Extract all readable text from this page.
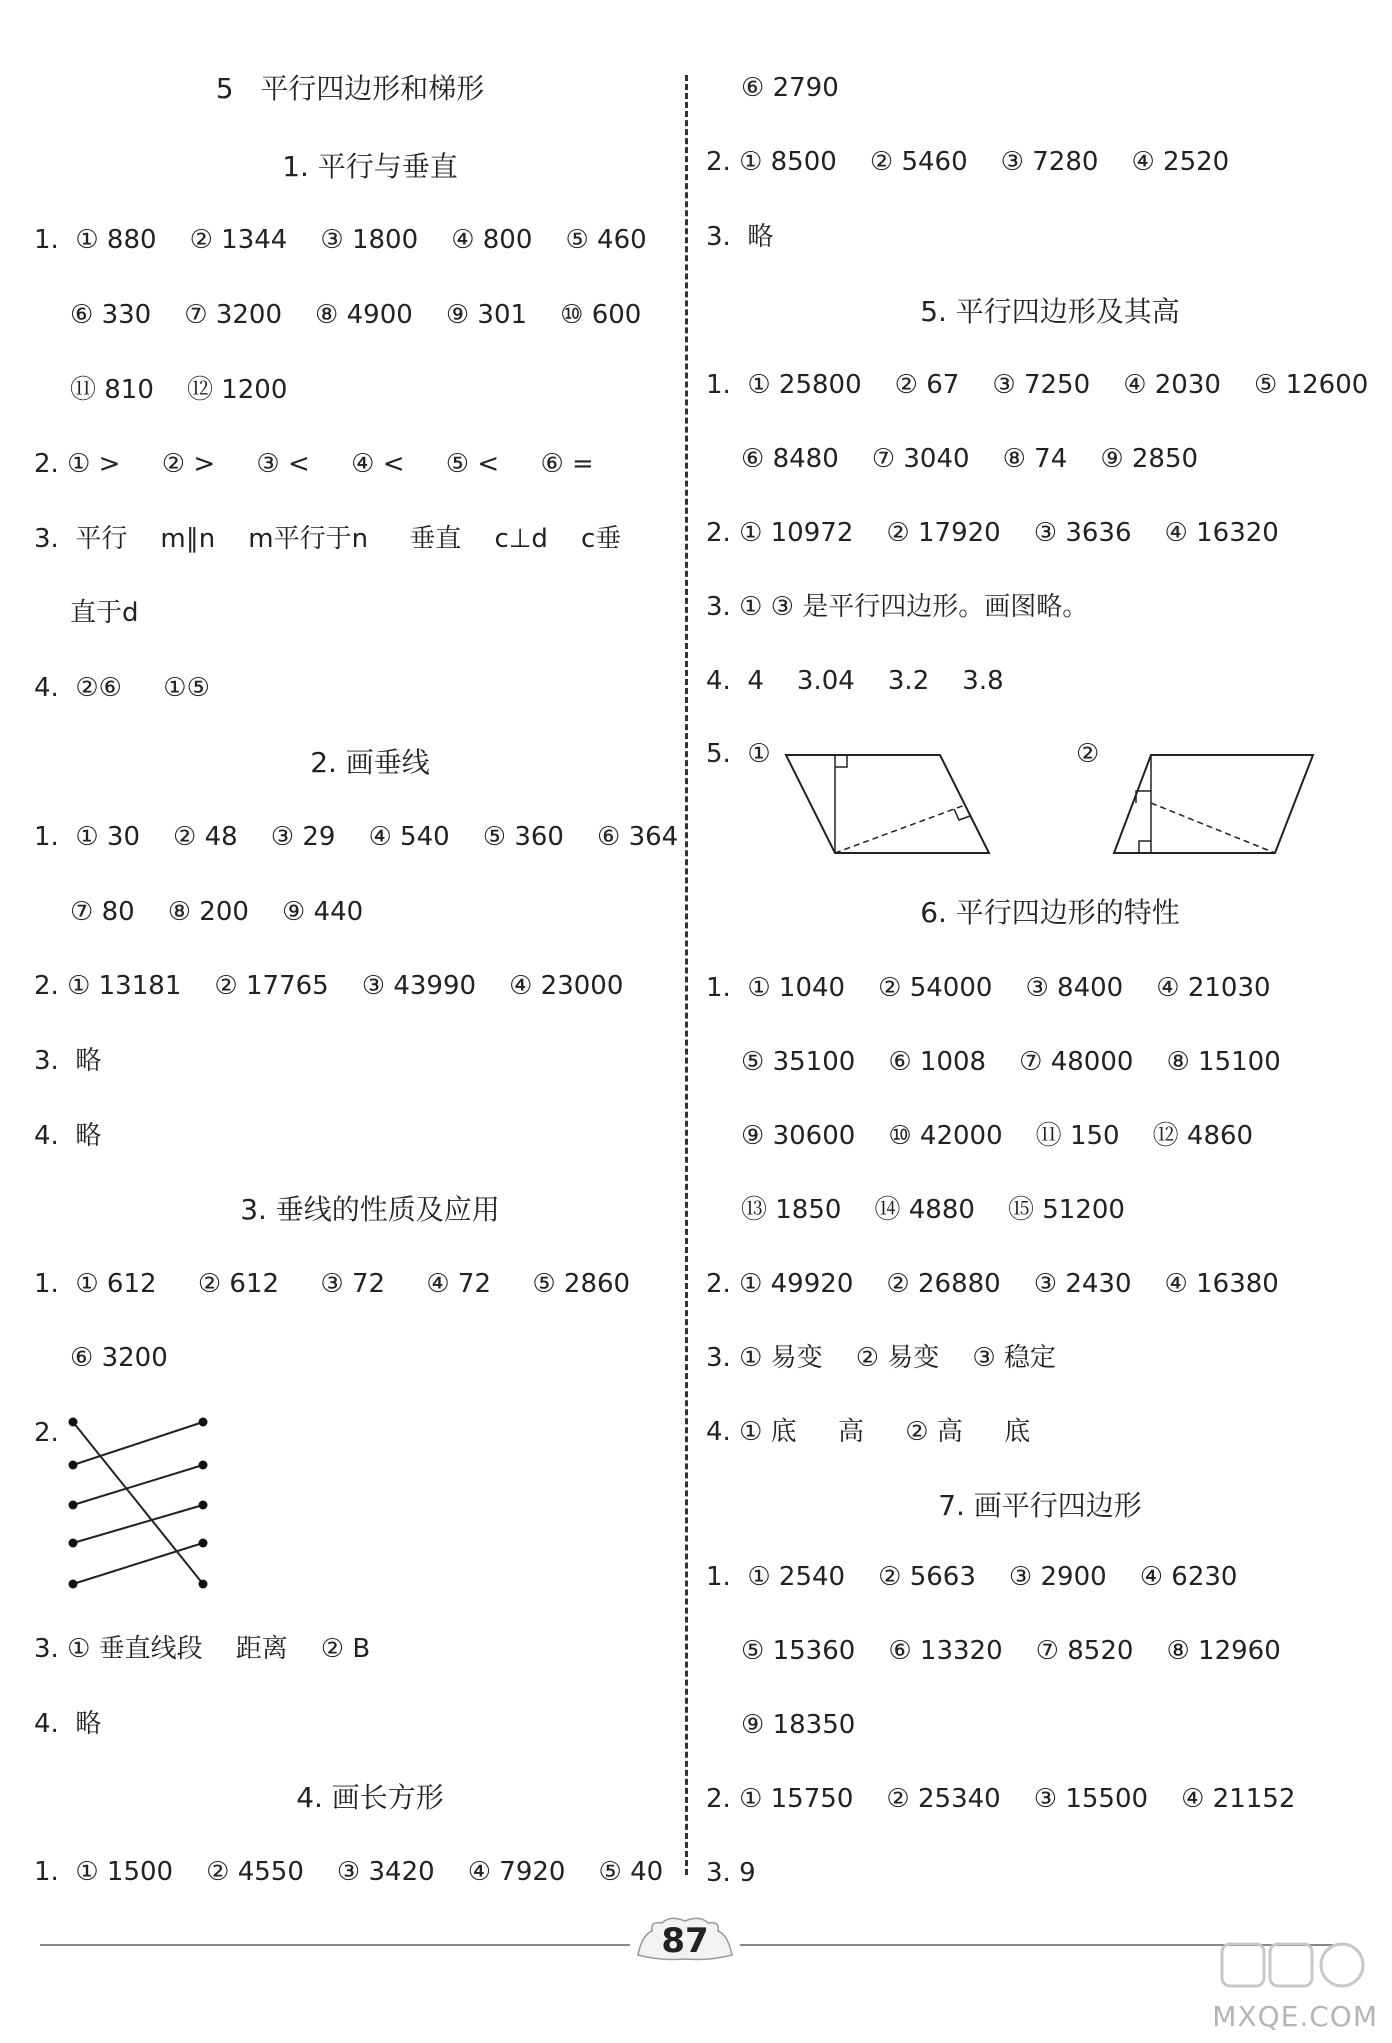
5   平行四边形和梯形
1. 平行与垂直
1.  ① 880    ② 1344    ③ 1800    ④ 800    ⑤ 460
⑥ 330    ⑦ 3200    ⑧ 4900    ⑨ 301    ⑩ 600
⑪ 810    ⑫ 1200
2. ① >     ② >     ③ <     ④ <     ⑤ <     ⑥ =
3.  平行    m∥n    m平行于n     垂直    c⊥d    c垂
直于d
4.  ②⑥     ①⑤
2. 画垂线
1.  ① 30    ② 48    ③ 29    ④ 540    ⑤ 360    ⑥ 364
⑦ 80    ⑧ 200    ⑨ 440
2. ① 13181    ② 17765    ③ 43990    ④ 23000
3.  略
4.  略
3. 垂线的性质及应用
1.  ① 612     ② 612     ③ 72     ④ 72     ⑤ 2860
⑥ 3200
2.
3. ① 垂直线段    距离    ② B
4.  略
4. 画长方形
1.  ① 1500    ② 4550    ③ 3420    ④ 7920    ⑤ 40
⑥ 2790
2. ① 8500    ② 5460    ③ 7280    ④ 2520
3.  略
5. 平行四边形及其高
1.  ① 25800    ② 67    ③ 7250    ④ 2030    ⑤ 12600
⑥ 8480    ⑦ 3040    ⑧ 74    ⑨ 2850
2. ① 10972    ② 17920    ③ 3636    ④ 16320
3. ① ③ 是平行四边形。画图略。
4.  4    3.04    3.2    3.8
5.  ①	②
6. 平行四边形的特性
1.  ① 1040    ② 54000    ③ 8400    ④ 21030
⑤ 35100    ⑥ 1008    ⑦ 48000    ⑧ 15100
⑨ 30600    ⑩ 42000    ⑪ 150    ⑫ 4860
⑬ 1850    ⑭ 4880    ⑮ 51200
2. ① 49920    ② 26880    ③ 2430    ④ 16380
3. ① 易变    ② 易变    ③ 稳定
4. ① 底     高     ② 高     底
7. 画平行四边形
1.  ① 2540    ② 5663    ③ 2900    ④ 6230
⑤ 15360    ⑥ 13320    ⑦ 8520    ⑧ 12960
⑨ 18350
2. ① 15750    ② 25340    ③ 15500    ④ 21152
3. 9
87
MXQE.COM
